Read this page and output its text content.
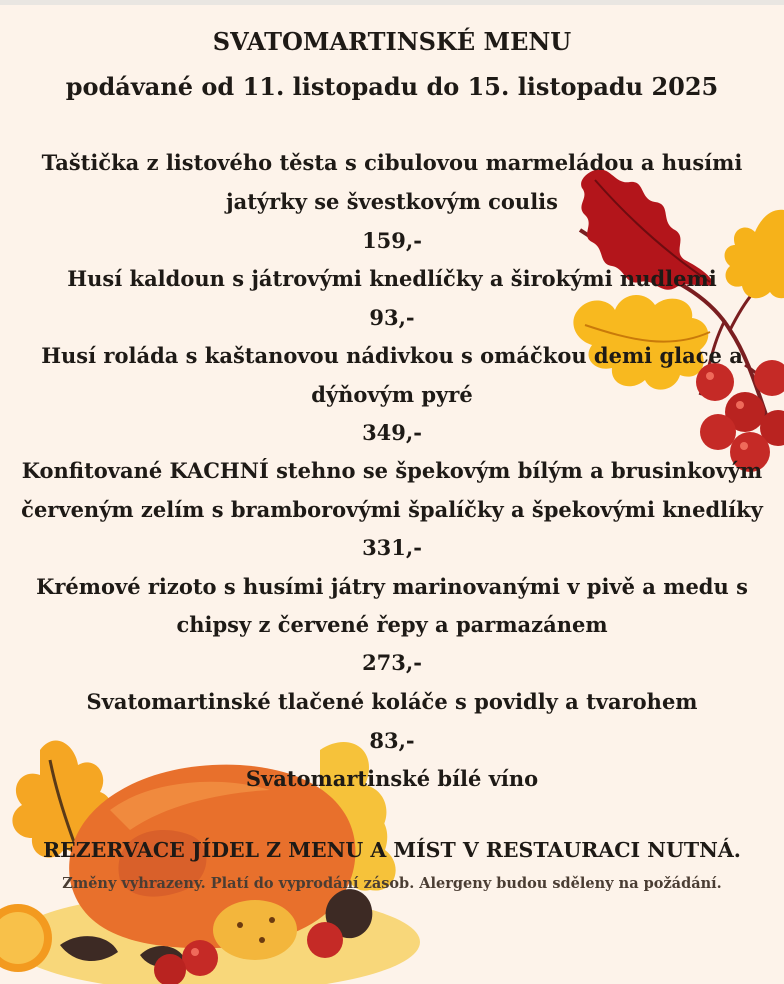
SVATOMARTINSKÉ MENU
podávané od 11. listopadu do 15. listopadu 2025
Taštička z listového těsta s cibulovou marmeládou a husími
jatýrky se švestkovým coulis
159,-
Husí kaldoun s játrovými knedlíčky a širokými nudlemi
93,-
Husí roláda s kaštanovou nádivkou s omáčkou demi glace a
dýňovým pyré
349,-
Konfitované KACHNÍ stehno se špekovým bílým a brusinkovým
červeným zelím s bramborovými špalíčky a špekovými knedlíky
331,-
Krémové rizoto s husími játry marinovanými v pivě a medu s
chipsy z červené řepy a parmazánem
273,-
Svatomartinské tlačené koláče s povidly a tvarohem
83,-
Svatomartinské bílé víno
REZERVACE JÍDEL Z MENU A MÍST V RESTAURACI NUTNÁ.
Změny vyhrazeny. Platí do vyprodání zásob. Alergeny budou sděleny na požádání.
